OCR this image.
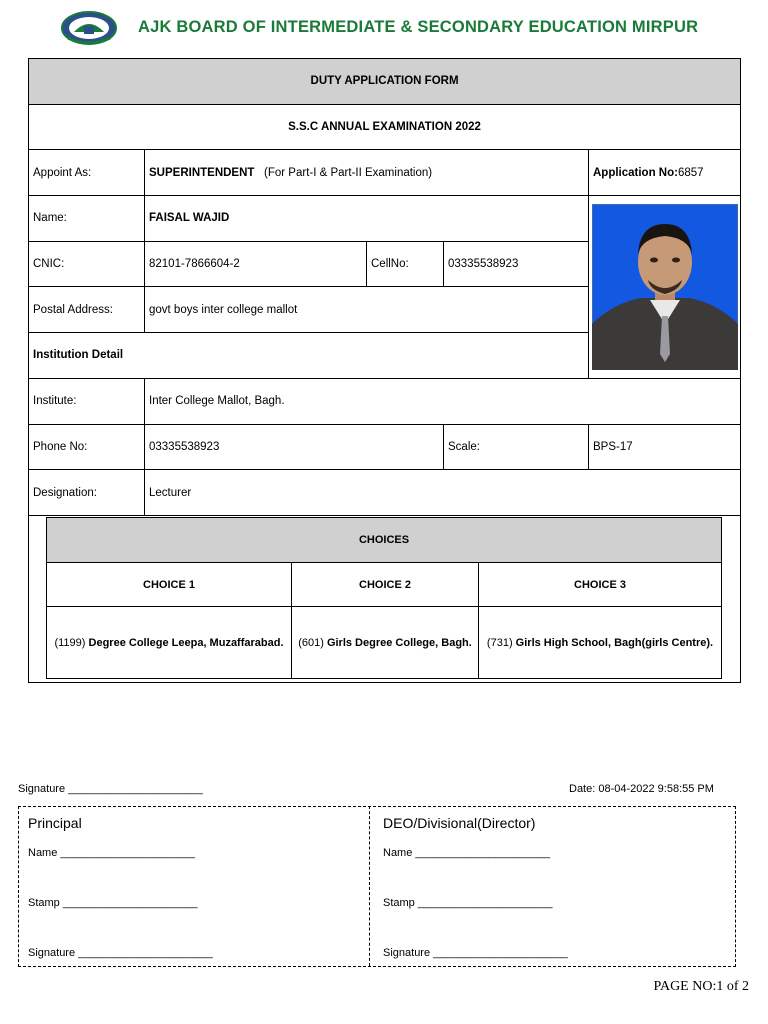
AJK BOARD OF INTERMEDIATE & SECONDARY EDUCATION MIRPUR
DUTY APPLICATION FORM				
S.S.C ANNUAL EXAMINATION 2022				
Appoint As:	SUPERINTENDENT (For Part-I & Part-II Examination)			Application No:6857
Name:	FAISAL WAJID	

CNIC:	82101-7866604-2	CellNo:	03335538923	
Postal Address:	govt boys inter college mallot			
Institution Detail				
Institute:	Inter College Mallot, Bagh.			
Phone No:	03335538923		Scale:	BPS-17
Designation:	Lecturer			
CHOICES		
CHOICE 1	CHOICE 2	CHOICE 3
(1199) Degree College Leepa, Muzaffarabad.	(601) Girls Degree College, Bagh.	(731) Girls High School, Bagh(girls Centre).
Signature ______________________	Date: 08-04-2022 9:58:55 PM
Principal
Name ______________________
Stamp ______________________
Signature ______________________
DEO/Divisional(Director)
Name ______________________
Stamp ______________________
Signature ______________________
PAGE NO:1 of 2
